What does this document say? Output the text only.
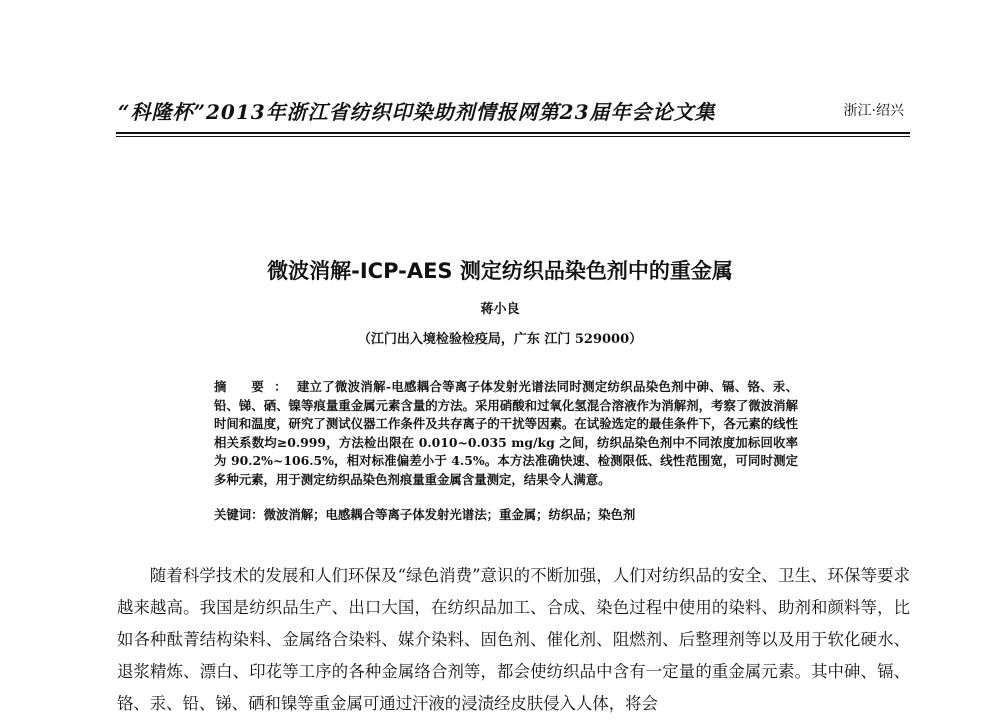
“科隆杯”2013年浙江省纺织印染助剂情报网第23届年会论文集	浙江·绍兴
微波消解-ICP-AES 测定纺织品染色剂中的重金属
蒋小良
（江门出入境检验检疫局，广东 江门 529000）
摘 要：建立了微波消解-电感耦合等离子体发射光谱法同时测定纺织品染色剂中砷、镉、铬、汞、铅、锑、硒、镍等痕量重金属元素含量的方法。采用硝酸和过氧化氢混合溶液作为消解剂，考察了微波消解时间和温度，研究了测试仪器工作条件及共存离子的干扰等因素。在试验选定的最佳条件下，各元素的线性相关系数均≥0.999，方法检出限在 0.010~0.035 mg/kg 之间，纺织品染色剂中不同浓度加标回收率为 90.2%~106.5%，相对标准偏差小于 4.5%。本方法准确快速、检测限低、线性范围宽，可同时测定多种元素，用于测定纺织品染色剂痕量重金属含量测定，结果令人满意。
关键词：微波消解；电感耦合等离子体发射光谱法；重金属；纺织品；染色剂
随着科学技术的发展和人们环保及“绿色消费”意识的不断加强，人们对纺织品的安全、卫生、环保等要求越来越高。我国是纺织品生产、出口大国，在纺织品加工、合成、染色过程中使用的染料、助剂和颜料等，比如各种酞菁结构染料、金属络合染料、媒介染料、固色剂、催化剂、阻燃剂、后整理剂等以及用于软化硬水、退浆精炼、漂白、印花等工序的各种金属络合剂等，都会使纺织品中含有一定量的重金属元素。其中砷、镉、铬、汞、铅、锑、硒和镍等重金属可通过汗液的浸渍经皮肤侵入人体，将会
